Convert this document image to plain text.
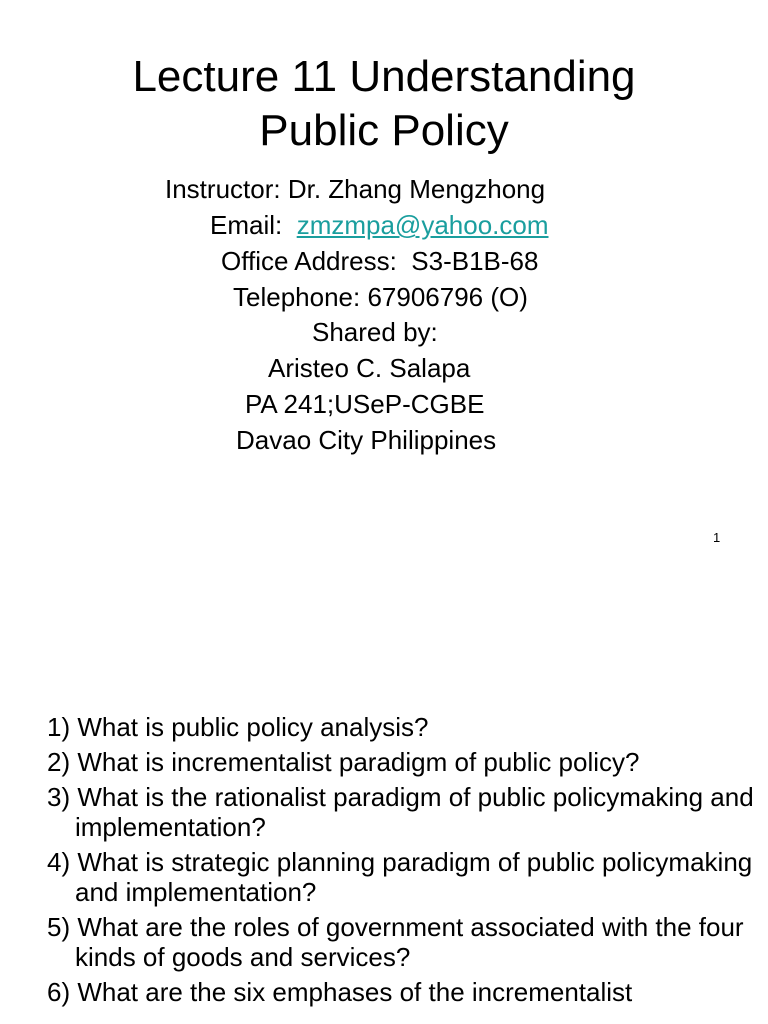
Lecture 11 Understanding
Public Policy
Instructor: Dr. Zhang Mengzhong
Email:  zmzmpa@yahoo.com
Office Address:  S3-B1B-68
Telephone: 67906796 (O)
Shared by:
Aristeo C. Salapa
PA 241;USeP-CGBE
Davao City Philippines
1
1) What is public policy analysis?
2) What is incrementalist paradigm of public policy?
3) What is the rationalist paradigm of public policymaking and implementation?
4) What is strategic planning paradigm of public policymaking and implementation?
5) What are the roles of government associated with the four kinds of goods and services?
6) What are the six emphases of the incrementalist
